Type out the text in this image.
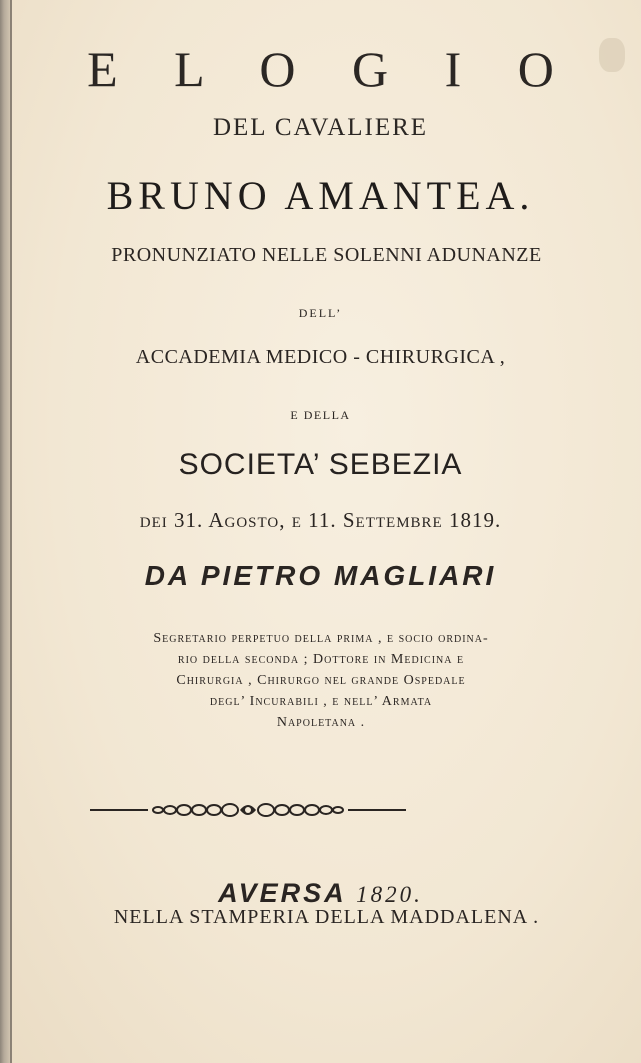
E L O G I O
DEL CAVALIERE
BRUNO AMANTEA.
PRONUNZIATO NELLE SOLENNI ADUNANZE
DELL’
ACCADEMIA MEDICO - CHIRURGICA ,
E DELLA
SOCIETA’ SEBEZIA
dei 31. Agosto, e 11. Settembre 1819.
DA PIETRO MAGLIARI
Segretario perpetuo della prima , e socio ordina-
rio della seconda ; Dottore in Medicina e
Chirurgia , Chirurgo nel grande Ospedale
degl’ Incurabili , e nell’ Armata
Napoletana .
AVERSA 1820.
NELLA STAMPERIA DELLA MADDALENA .
